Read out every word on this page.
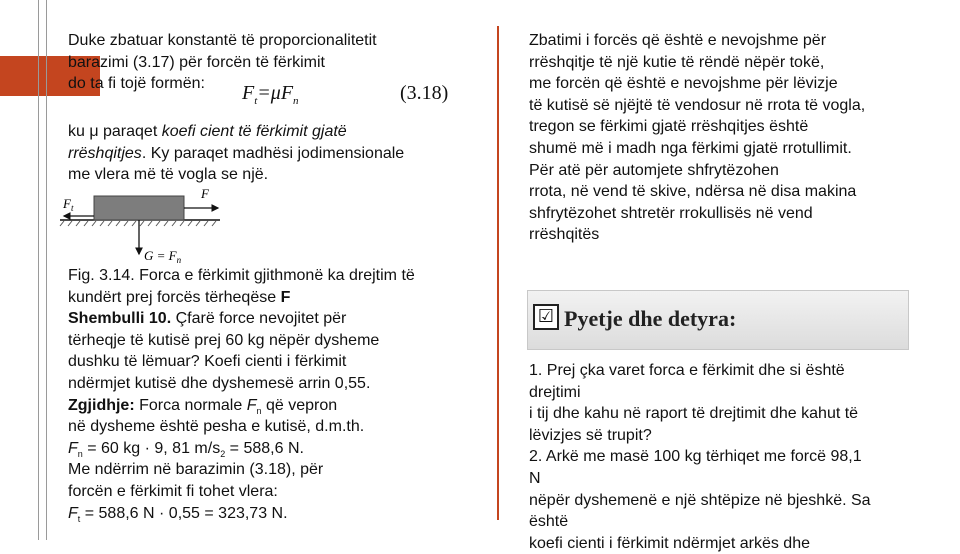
Duke zbatuar konstantë të proporcionalitetit
barazimi (3.17) për forcën të fërkimit
do ta fi tojë formën: $F_t=\mu F_n$	(3.18)
ku μ paraqet koefi cient të fërkimit gjatë
rrëshqitjes. Ky paraqet madhësi jodimensionale
me vlera më të vogla se një.
$F_t$
F
$G = F_n$
Fig. 3.14. Forca e fërkimit gjithmonë ka drejtim të
kundërt prej forcës tërheqëse F
Shembulli 10. Çfarë force nevojitet për
tërheqje të kutisë prej 60 kg nëpër dysheme
dushku të lëmuar? Koefi cienti i fërkimit
ndërmjet kutisë dhe dyshemesë arrin 0,55.
Zgjidhje: Forca normale $F_n$ që vepron
në dysheme është pesha e kutisë, d.m.th.
$F_n = 60$ kg · 9, 81 $m/s_2 = 588,6$ N.
Me ndërrim në barazimin (3.18), për
forcën e fërkimit fi tohet vlera:
$F_t = 588,6$ N · 0,55 = 323,73 N.
Zbatimi i forcës që është e nevojshme për
rrëshqitje të një kutie të rëndë nëpër tokë,
me forcën që është e nevojshme për lëvizje
të kutisë së njëjtë të vendosur në rrota të vogla,
tregon se fërkimi gjatë rrëshqitjes është
shumë më i madh nga fërkimi gjatë rrotullimit.
Për atë për automjete shfrytëzohen
rrota, në vend të skive, ndërsa në disa makina
shfrytëzohet shtretër rrokullisës në vend
rrëshqitës
☑ Pyetje dhe detyra:
1. Prej çka varet forca e fërkimit dhe si është
drejtimi
i tij dhe kahu në raport të drejtimit dhe kahut të
lëvizjes së trupit?
2. Arkë me masë 100 kg tërhiqet me forcë 98,1
N
nëpër dyshemenë e një shtëpize në bjeshkë. Sa
është
koefi cienti i fërkimit ndërmjet arkës dhe
